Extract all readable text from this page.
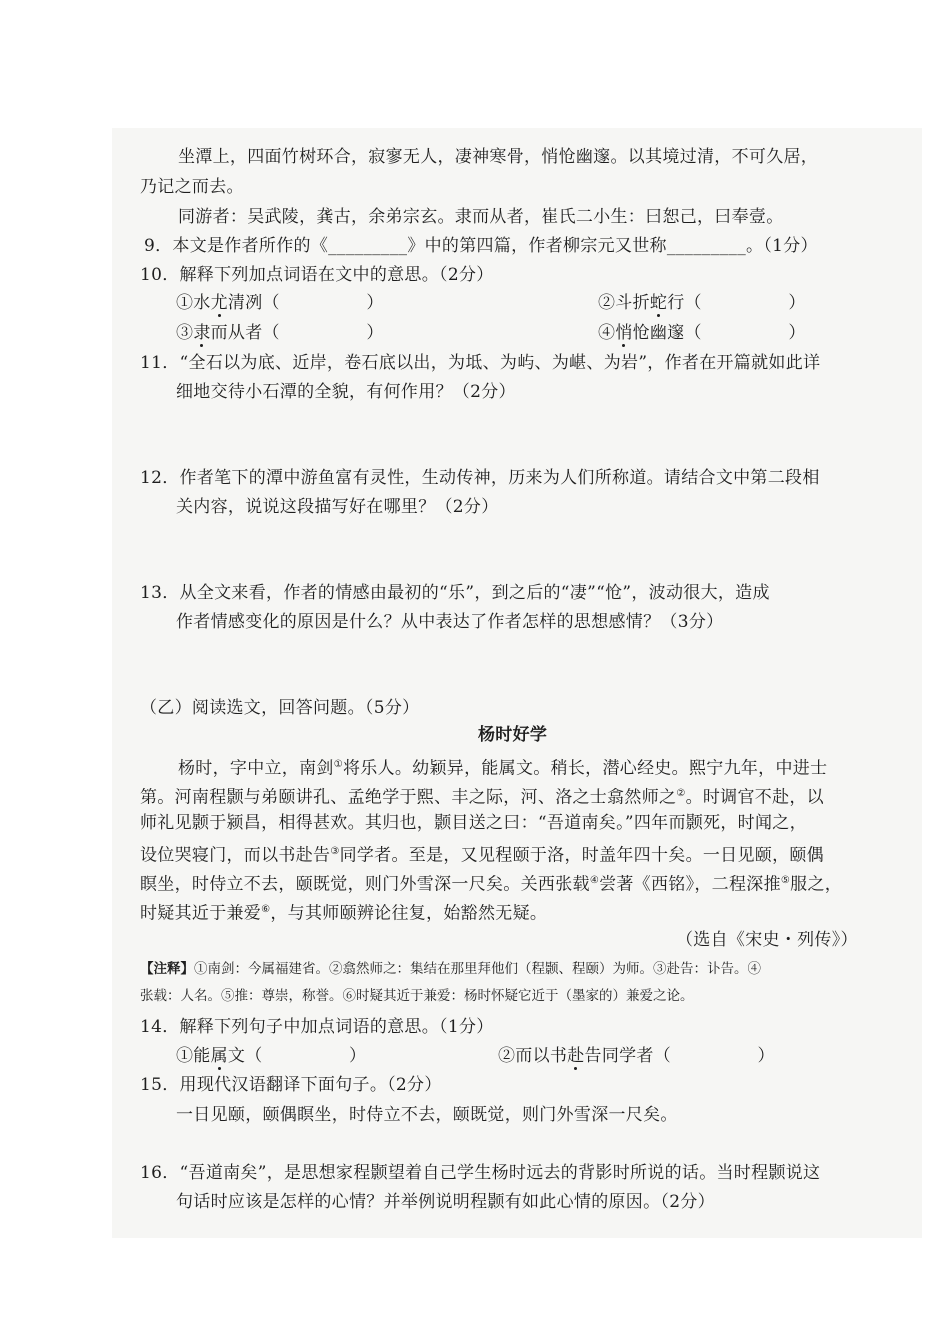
坐潭上，四面竹树环合，寂寥无人，凄神寒骨，悄怆幽邃。以其境过清，不可久居，
乃记之而去。
同游者：吴武陵，龚古，余弟宗玄。隶而从者，崔氏二小生：曰恕己，曰奉壹。
9．本文是作者所作的《_________》中的第四篇，作者柳宗元又世称_________。（1分）
10．解释下列加点词语在文中的意思。（2分）
①水尤清冽（　　　　　）	②斗折蛇行（　　　　　）
③隶而从者（　　　　　）	④悄怆幽邃（　　　　　）
11．“全石以为底、近岸，卷石底以出，为坻、为屿、为嵁、为岩”，作者在开篇就如此详
细地交待小石潭的全貌，有何作用？（2分）
12．作者笔下的潭中游鱼富有灵性，生动传神，历来为人们所称道。请结合文中第二段相
关内容，说说这段描写好在哪里？（2分）
13．从全文来看，作者的情感由最初的“乐”，到之后的“凄”“怆”，波动很大，造成
作者情感变化的原因是什么？从中表达了作者怎样的思想感情？（3分）
（乙）阅读选文，回答问题。（5分）
杨时好学
杨时，字中立，南剑①将乐人。幼颖异，能属文。稍长，潜心经史。熙宁九年，中进士
第。河南程颢与弟颐讲孔、孟绝学于熙、丰之际，河、洛之士翕然师之②。时调官不赴，以
师礼见颢于颍昌，相得甚欢。其归也，颢目送之曰：“吾道南矣。”四年而颢死，时闻之，
设位哭寝门，而以书赴告③同学者。至是，又见程颐于洛，时盖年四十矣。一日见颐，颐偶
瞑坐，时侍立不去，颐既觉，则门外雪深一尺矣。关西张载④尝著《西铭》，二程深推⑤服之，
时疑其近于兼爱⑥，与其师颐辨论往复，始豁然无疑。
（选自《宋史・列传》）
【注释】①南剑：今属福建省。②翕然师之：集结在那里拜他们（程颢、程颐）为师。③赴告：讣告。④
张载：人名。⑤推：尊崇，称誉。⑥时疑其近于兼爱：杨时怀疑它近于（墨家的）兼爱之论。
14．解释下列句子中加点词语的意思。（1分）
①能属文（　　　　　）	②而以书赴告同学者（　　　　　）
15．用现代汉语翻译下面句子。（2分）
一日见颐，颐偶瞑坐，时侍立不去，颐既觉，则门外雪深一尺矣。
16．“吾道南矣”，是思想家程颢望着自己学生杨时远去的背影时所说的话。当时程颢说这
句话时应该是怎样的心情？并举例说明程颢有如此心情的原因。（2分）
